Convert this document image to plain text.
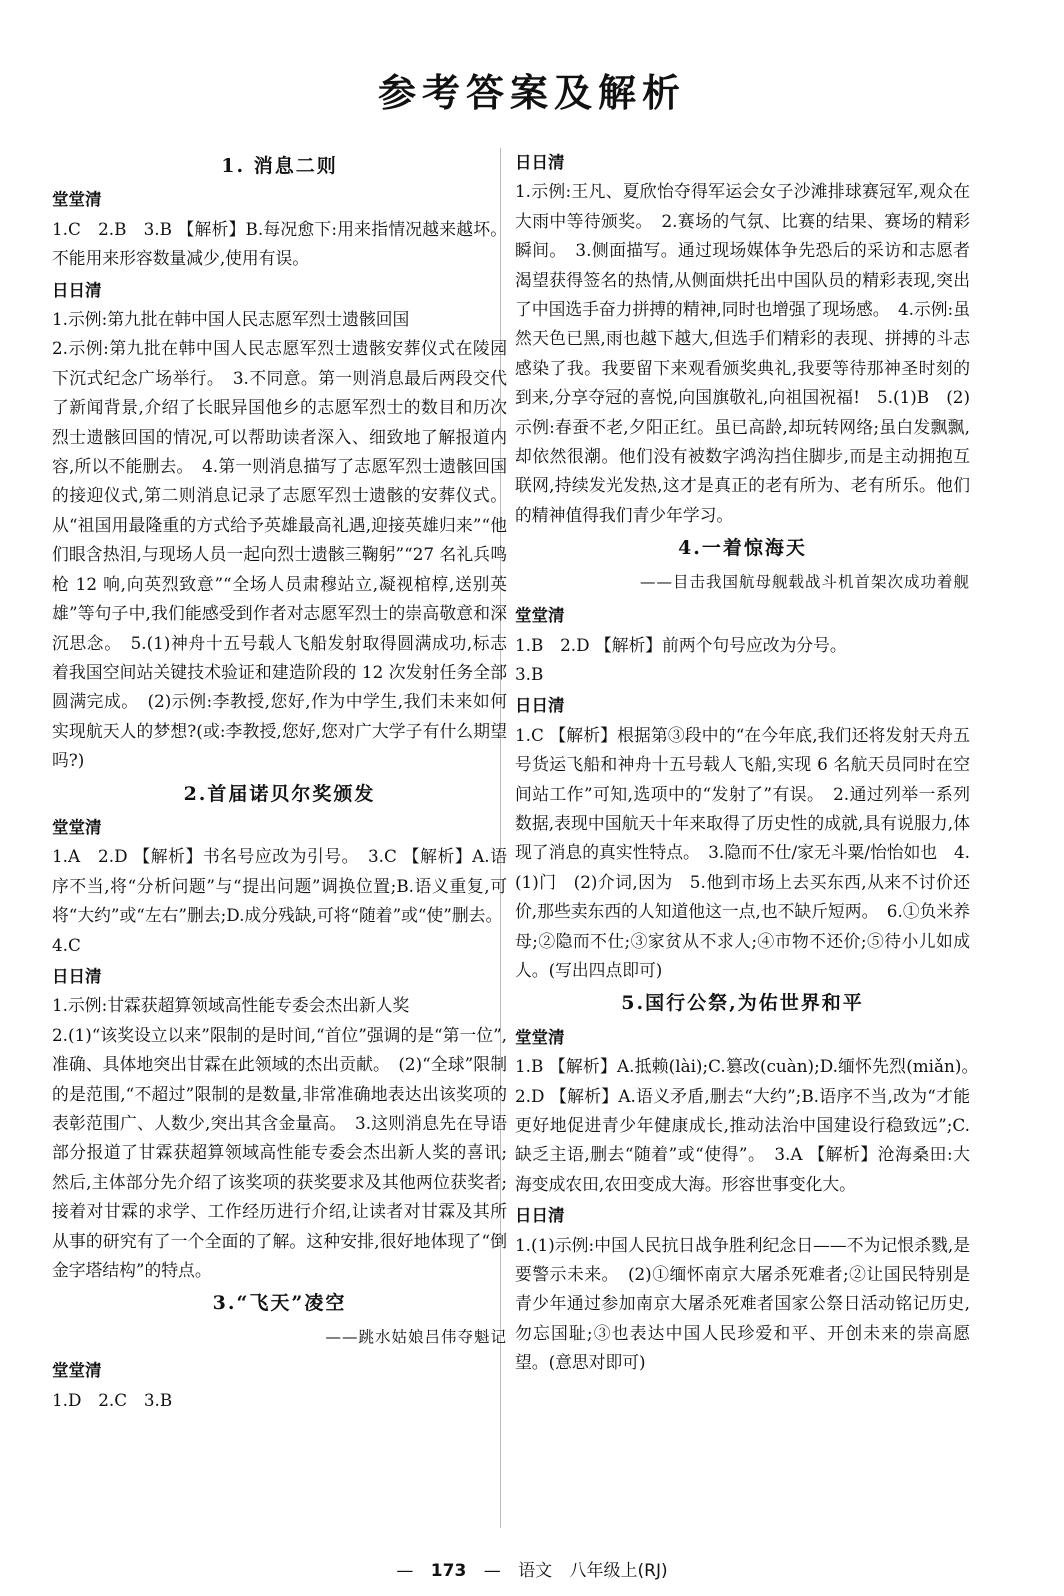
参考答案及解析
1. 消息二则
堂堂清

1.C　2.B　3.B 【解析】B.每况愈下:用来指情况越来越坏。不能用来形容数量减少,使用有误。

日日清

1.示例:第九批在韩中国人民志愿军烈士遗骸回国

2.示例:第九批在韩中国人民志愿军烈士遗骸安葬仪式在陵园下沉式纪念广场举行。　3.不同意。第一则消息最后两段交代了新闻背景,介绍了长眠异国他乡的志愿军烈士的数目和历次烈士遗骸回国的情况,可以帮助读者深入、细致地了解报道内容,所以不能删去。　4.第一则消息描写了志愿军烈士遗骸回国的接迎仪式,第二则消息记录了志愿军烈士遗骸的安葬仪式。从“祖国用最隆重的方式给予英雄最高礼遇,迎接英雄归来”“他们眼含热泪,与现场人员一起向烈士遗骸三鞠躬”“27 名礼兵鸣枪 12 响,向英烈致意”“全场人员肃穆站立,凝视棺椁,送别英雄”等句子中,我们能感受到作者对志愿军烈士的崇高敬意和深沉思念。　5.(1)神舟十五号载人飞船发射取得圆满成功,标志着我国空间站关键技术验证和建造阶段的 12 次发射任务全部圆满完成。　(2)示例:李教授,您好,作为中学生,我们未来如何实现航天人的梦想?(或:李教授,您好,您对广大学子有什么期望吗?)

2.首届诺贝尔奖颁发
堂堂清

1.A　2.D 【解析】书名号应改为引号。　3.C 【解析】A.语序不当,将“分析问题”与“提出问题”调换位置;B.语义重复,可将“大约”或“左右”删去;D.成分残缺,可将“随着”或“使”删去。

4.C

日日清

1.示例:甘霖获超算领域高性能专委会杰出新人奖

2.(1)“该奖设立以来”限制的是时间,“首位”强调的是“第一位”,准确、具体地突出甘霖在此领域的杰出贡献。　(2)“全球”限制的是范围,“不超过”限制的是数量,非常准确地表达出该奖项的表彰范围广、人数少,突出其含金量高。　3.这则消息先在导语部分报道了甘霖获超算领域高性能专委会杰出新人奖的喜讯;然后,主体部分先介绍了该奖项的获奖要求及其他两位获奖者;接着对甘霖的求学、工作经历进行介绍,让读者对甘霖及其所从事的研究有了一个全面的了解。这种安排,很好地体现了“倒金字塔结构”的特点。

3.“飞天”凌空
——跳水姑娘吕伟夺魁记
堂堂清

1.D　2.C　3.B

日日清

1.示例:王凡、夏欣怡夺得军运会女子沙滩排球赛冠军,观众在大雨中等待颁奖。　2.赛场的气氛、比赛的结果、赛场的精彩瞬间。　3.侧面描写。通过现场媒体争先恐后的采访和志愿者渴望获得签名的热情,从侧面烘托出中国队员的精彩表现,突出了中国选手奋力拼搏的精神,同时也增强了现场感。　4.示例:虽然天色已黑,雨也越下越大,但选手们精彩的表现、拼搏的斗志感染了我。我要留下来观看颁奖典礼,我要等待那神圣时刻的到来,分享夺冠的喜悦,向国旗敬礼,向祖国祝福!　5.(1)B　(2)示例:春蚕不老,夕阳正红。虽已高龄,却玩转网络;虽白发飘飘,却依然很潮。他们没有被数字鸿沟挡住脚步,而是主动拥抱互联网,持续发光发热,这才是真正的老有所为、老有所乐。他们的精神值得我们青少年学习。

4.一着惊海天
——目击我国航母舰载战斗机首架次成功着舰
堂堂清

1.B　2.D 【解析】前两个句号应改为分号。

3.B

日日清

1.C 【解析】根据第③段中的“在今年底,我们还将发射天舟五号货运飞船和神舟十五号载人飞船,实现 6 名航天员同时在空间站工作”可知,选项中的“发射了”有误。　2.通过列举一系列数据,表现中国航天十年来取得了历史性的成就,具有说服力,体现了消息的真实性特点。　3.隐而不仕/家无斗粟/怡怡如也　4.(1)门　(2)介词,因为　5.他到市场上去买东西,从来不讨价还价,那些卖东西的人知道他这一点,也不缺斤短两。　6.①负米养母;②隐而不仕;③家贫从不求人;④市物不还价;⑤待小儿如成人。(写出四点即可)

5.国行公祭,为佑世界和平
堂堂清

1.B 【解析】A.抵赖(lài);C.篡改(cuàn);D.缅怀先烈(miǎn)。　2.D 【解析】A.语义矛盾,删去“大约”;B.语序不当,改为“才能更好地促进青少年健康成长,推动法治中国建设行稳致远”;C.缺乏主语,删去“随着”或“使得”。　3.A 【解析】沧海桑田:大海变成农田,农田变成大海。形容世事变化大。

日日清

1.(1)示例:中国人民抗日战争胜利纪念日——不为记恨杀戮,是要警示未来。　(2)①缅怀南京大屠杀死难者;②让国民特别是青少年通过参加南京大屠杀死难者国家公祭日活动铭记历史,勿忘国耻;③也表达中国人民珍爱和平、开创未来的崇高愿望。(意思对即可)

— 173 — 语文 八年级上(RJ)
